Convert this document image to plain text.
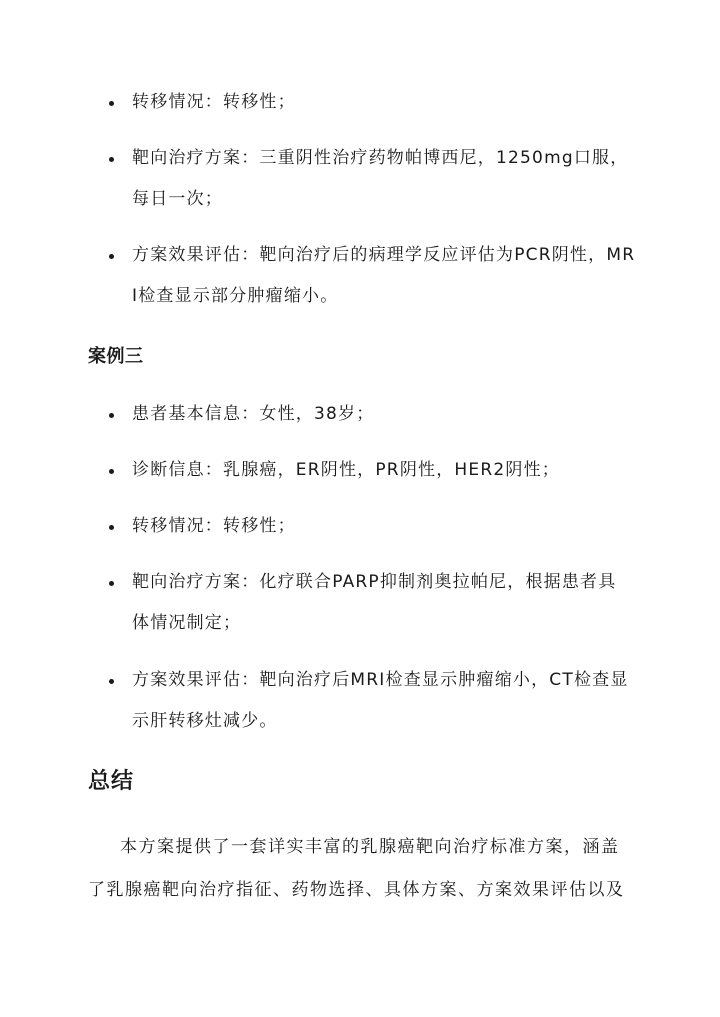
转移情况：转移性；
靶向治疗方案：三重阴性治疗药物帕博西尼，1250mg口服，
每日一次；
方案效果评估：靶向治疗后的病理学反应评估为PCR阴性，MR
I检查显示部分肿瘤缩小。
案例三
患者基本信息：女性，38岁；
诊断信息：乳腺癌，ER阴性，PR阴性，HER2阴性；
转移情况：转移性；
靶向治疗方案：化疗联合PARP抑制剂奥拉帕尼，根据患者具
体情况制定；
方案效果评估：靶向治疗后MRI检查显示肿瘤缩小，CT检查显
示肝转移灶减少。
总结
本方案提供了一套详实丰富的乳腺癌靶向治疗标准方案，涵盖
了乳腺癌靶向治疗指征、药物选择、具体方案、方案效果评估以及
